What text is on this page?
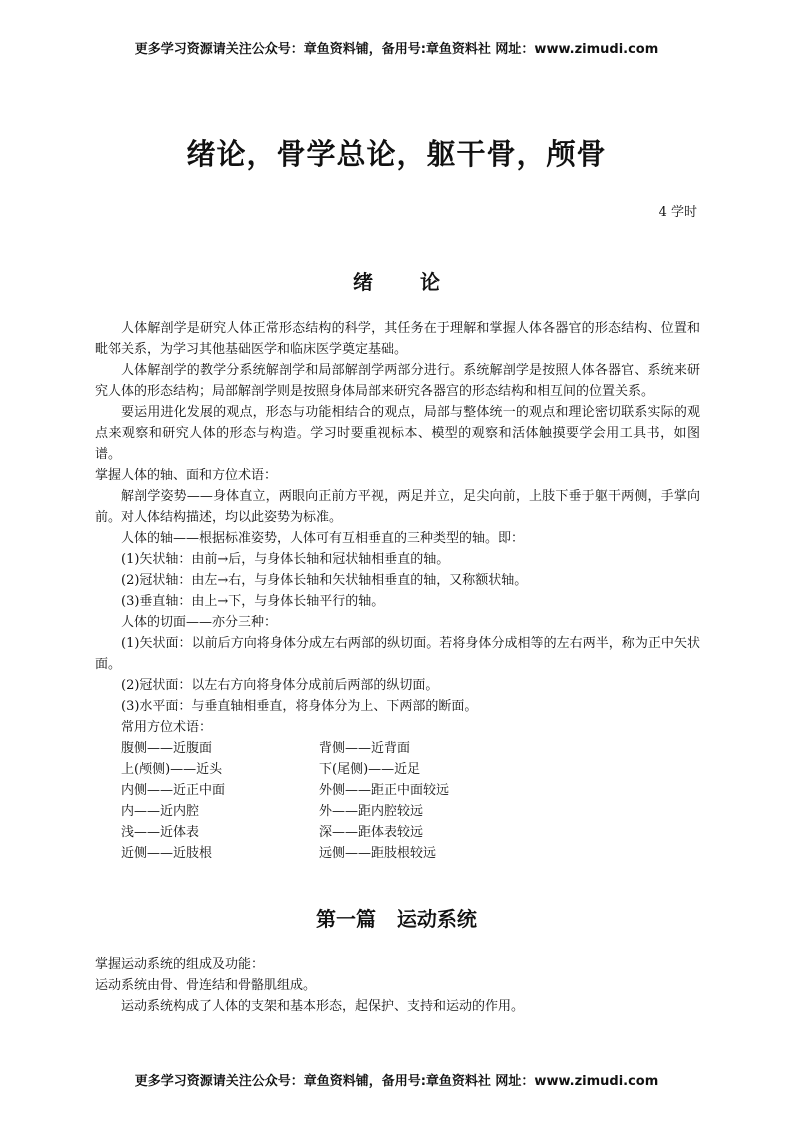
更多学习资源请关注公众号：章鱼资料铺，备用号:章鱼资料社 网址：www.zimudi.com
绪论，骨学总论，躯干骨，颅骨
4 学时
绪 论

人体解剖学是研究人体正常形态结构的科学，其任务在于理解和掌握人体各器官的形态结构、位置和毗邻关系，为学习其他基础医学和临床医学奠定基础。

人体解剖学的教学分系统解剖学和局部解剖学两部分进行。系统解剖学是按照人体各器官、系统来研究人体的形态结构；局部解剖学则是按照身体局部来研究各器宫的形态结构和相互间的位置关系。

要运用进化发展的观点，形态与功能相结合的观点，局部与整体统一的观点和理论密切联系实际的观点来观察和研究人体的形态与构造。学习时要重视标本、模型的观察和活体触摸要学会用工具书，如图谱。

掌握人体的轴、面和方位术语：

解剖学姿势——身体直立，两眼向正前方平视，两足并立，足尖向前，上肢下垂于躯干两侧，手掌向前。对人体结构描述，均以此姿势为标准。

人体的轴——根据标准姿势，人体可有互相垂直的三种类型的轴。即：

(1)矢状轴：由前→后，与身体长轴和冠状轴相垂直的轴。

(2)冠状轴：由左→右，与身体长轴和矢状轴相垂直的轴，又称额状轴。

(3)垂直轴：由上→下，与身体长轴平行的轴。

人体的切面——亦分三种：

(1)矢状面：以前后方向将身体分成左右两部的纵切面。若将身体分成相等的左右两半，称为正中矢状面。

(2)冠状面：以左右方向将身体分成前后两部的纵切面。

(3)水平面：与垂直轴相垂直，将身体分为上、下两部的断面。

常用方位术语：

腹侧——近腹面	背侧——近背面
上(颅侧)——近头	下(尾侧)——近足
内侧——近正中面	外侧——距正中面较远
内——近内腔	外——距内腔较远
浅——近体表	深——距体表较远
近侧——近肢根	远侧——距肢根较远
第一篇   运动系统

掌握运动系统的组成及功能：

运动系统由骨、骨连结和骨骼肌组成。

运动系统构成了人体的支架和基本形态，起保护、支持和运动的作用。

更多学习资源请关注公众号：章鱼资料铺，备用号:章鱼资料社 网址：www.zimudi.com
